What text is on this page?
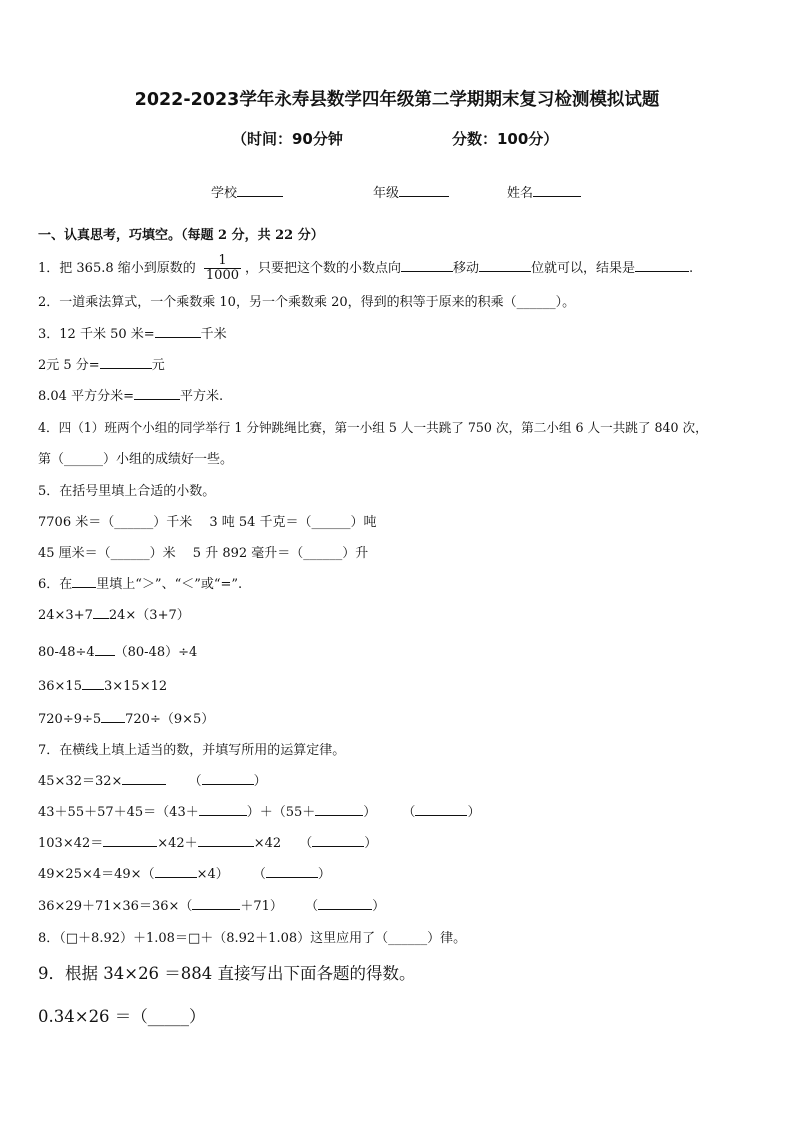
2022-2023学年永寿县数学四年级第二学期期末复习检测模拟试题
（时间：90分钟	分数：100分）
学校	年级	姓名
一、认真思考，巧填空。（每题 2 分，共 22 分）
1．把 365.8 缩小到原数的 $\frac{1}{1000}$ ，只要把这个数的小数点向	移动	位就可以，结果是	.
2．一道乘法算式，一个乘数乘 10，另一个乘数乘 20，得到的积等于原来的积乘（______）。
3．12 千米 50 米=	千米
2元 5 分=	元
8.04 平方分米=	平方米.
4．四（1）班两个小组的同学举行 1 分钟跳绳比赛，第一小组 5 人一共跳了 750 次，第二小组 6 人一共跳了 840 次，
第（______）小组的成绩好一些。
5．在括号里填上合适的小数。
7706 米＝（______）千米　 3 吨 54 千克＝（______）吨
45 厘米＝（______）米　 5 升 892 毫升＝（______）升
6．在 里填上“＞”、“＜”或“=”.
24×3+7 24×（3+7）
80-48÷4 （80-48）÷4
36×15 3×15×12
720÷9÷5 720÷（9×5）
7．在横线上填上适当的数，并填写所用的运算定律。
45×32＝32×	（	）
43＋55＋57＋45＝（43＋	）＋（55＋	） （	）
103×42＝	×42＋	×42 （	）
49×25×4＝49×（	×4） （	）
36×29＋71×36＝36×（	＋71） （	）
8．（□＋8.92）＋1.08＝□＋（8.92＋1.08）这里应用了（______）律。
9．根据 34×26 ＝884 直接写出下面各题的得数。
0.34×26 ＝（_____）
